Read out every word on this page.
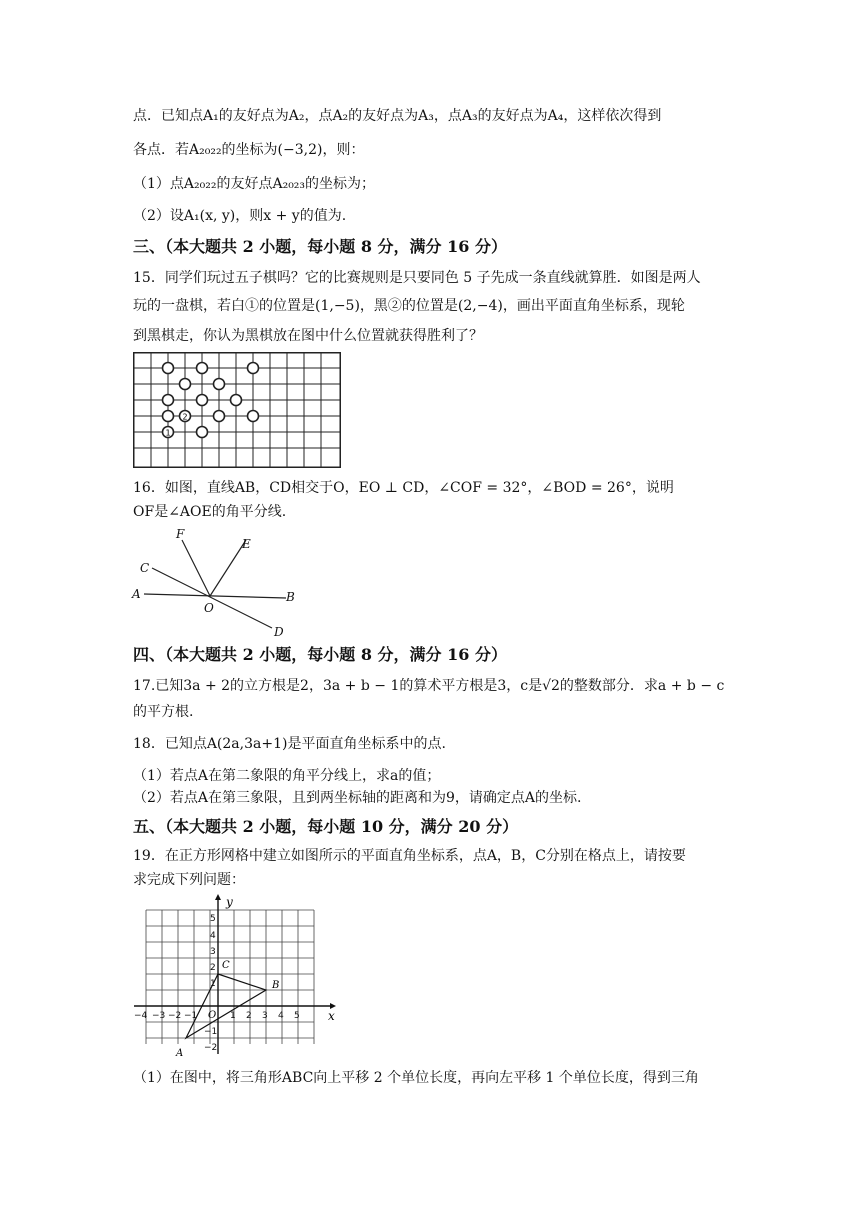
点．已知点A₁的友好点为A₂，点A₂的友好点为A₃，点A₃的友好点为A₄，这样依次得到
各点．若A₂₀₂₂的坐标为(−3,2)，则：
（1）点A₂₀₂₂的友好点A₂₀₂₃的坐标为；
（2）设A₁(x, y)，则x + y的值为.
三、（本大题共 2 小题，每小题 8 分，满分 16 分）
15．同学们玩过五子棋吗？它的比赛规则是只要同色 5 子先成一条直线就算胜．如图是两人
玩的一盘棋，若白①的位置是(1,−5)，黑②的位置是(2,−4)，画出平面直角坐标系，现轮
到黑棋走，你认为黑棋放在图中什么位置就获得胜利了？
1
2
16．如图，直线AB，CD相交于O，EO ⊥ CD，∠COF = 32°，∠BOD = 26°，说明
OF是∠AOE的角平分线.
F
E
C
A
O
B
D
四、（本大题共 2 小题，每小题 8 分，满分 16 分）
17.已知3a + 2的立方根是2，3a + b − 1的算术平方根是3，c是√2的整数部分．求a + b − c
的平方根.
18．已知点A(2a,3a+1)是平面直角坐标系中的点.
（1）若点A在第二象限的角平分线上，求a的值；
（2）若点A在第三象限，且到两坐标轴的距离和为9，请确定点A的坐标.
五、（本大题共 2 小题，每小题 10 分，满分 20 分）
19．在正方形网格中建立如图所示的平面直角坐标系，点A，B，C分别在格点上，请按要
求完成下列问题：
y
x
−4 −3 −2 −1	1 2 3 4 5
5
4
3
2
1
−1
−2
O
A
B
C
（1）在图中，将三角形ABC向上平移 2 个单位长度，再向左平移 1 个单位长度，得到三角
